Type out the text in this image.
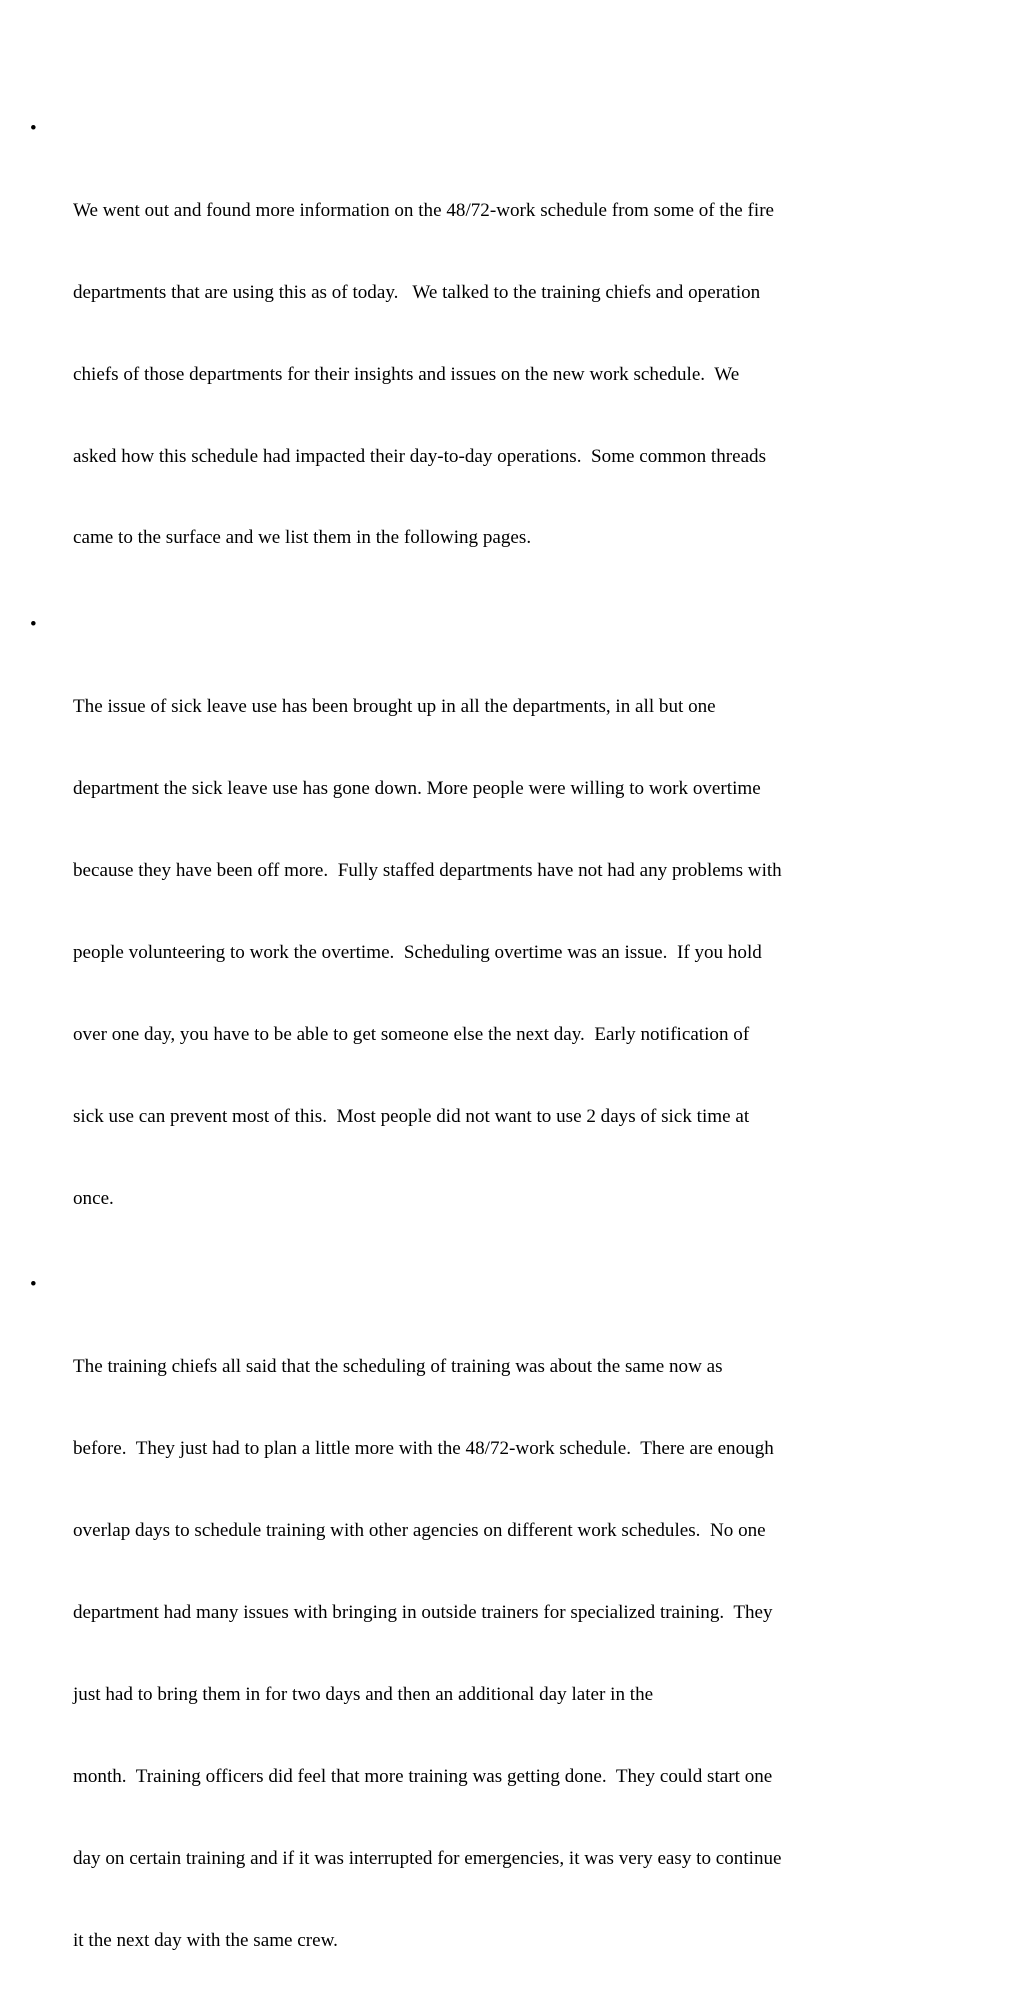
•

We went out and found more information on the 48/72-work schedule from some of the fire

departments that are using this as of today.   We talked to the training chiefs and operation

chiefs of those departments for their insights and issues on the new work schedule.  We

asked how this schedule had impacted their day-to-day operations.  Some common threads

came to the surface and we list them in the following pages.

•

The issue of sick leave use has been brought up in all the departments, in all but one

department the sick leave use has gone down. More people were willing to work overtime

because they have been off more.  Fully staffed departments have not had any problems with

people volunteering to work the overtime.  Scheduling overtime was an issue.  If you hold

over one day, you have to be able to get someone else the next day.  Early notification of

sick use can prevent most of this.  Most people did not want to use 2 days of sick time at

once.

•

The training chiefs all said that the scheduling of training was about the same now as

before.  They just had to plan a little more with the 48/72-work schedule.  There are enough

overlap days to schedule training with other agencies on different work schedules.  No one

department had many issues with bringing in outside trainers for specialized training.  They

just had to bring them in for two days and then an additional day later in the

month.  Training officers did feel that more training was getting done.  They could start one

day on certain training and if it was interrupted for emergencies, it was very easy to continue

it the next day with the same crew.
